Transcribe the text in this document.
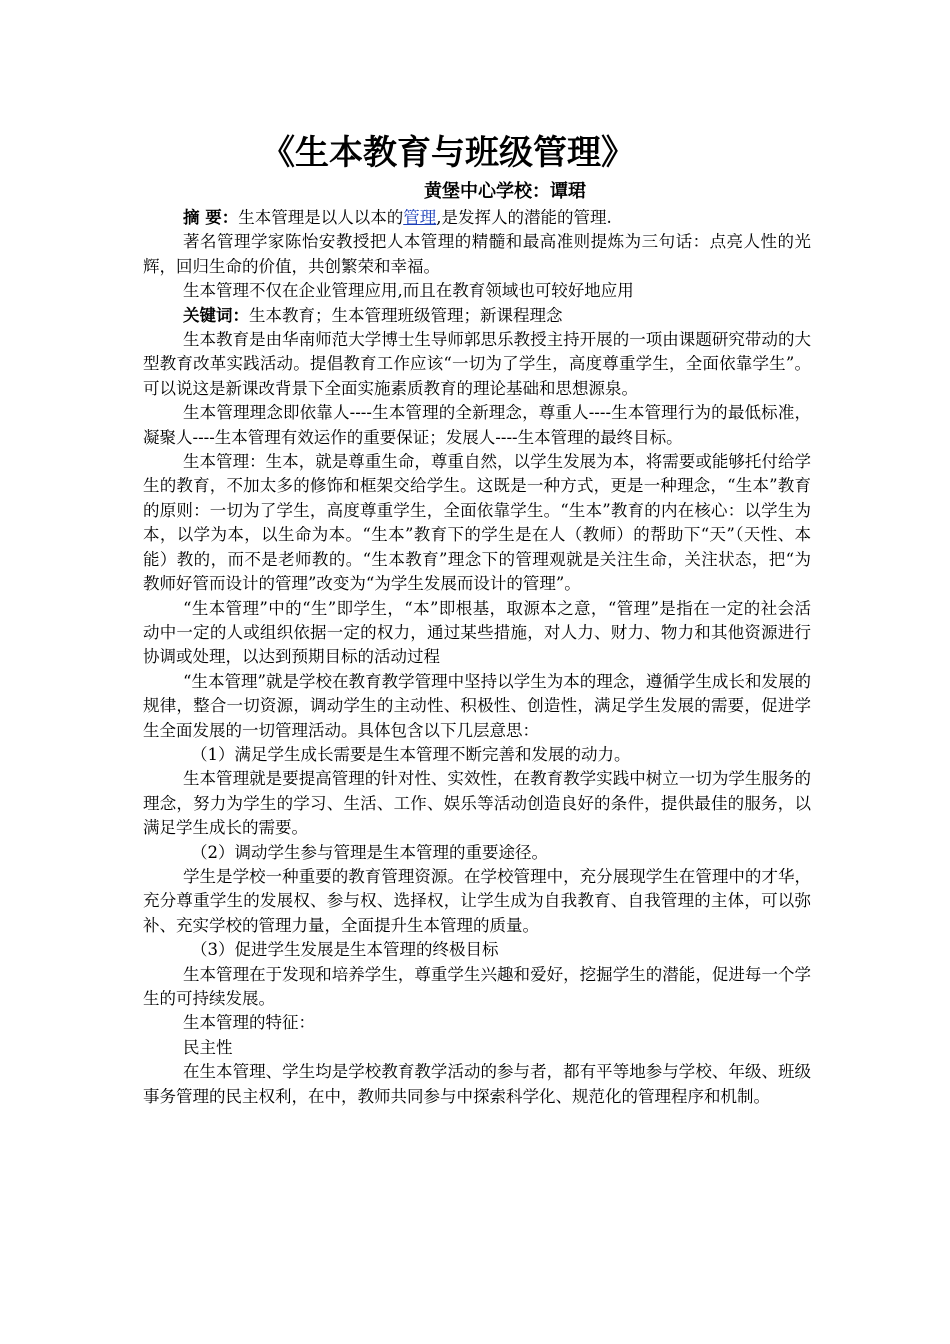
《生本教育与班级管理》
黄堡中心学校：谭珺

摘 要：生本管理是以人以本的管理,是发挥人的潜能的管理.

著名管理学家陈怡安教授把人本管理的精髓和最高准则提炼为三句话：点亮人性的光辉，回归生命的价值，共创繁荣和幸福。

生本管理不仅在企业管理应用,而且在教育领域也可较好地应用

关键词：生本教育；生本管理班级管理；新课程理念

生本教育是由华南师范大学博士生导师郭思乐教授主持开展的一项由课题研究带动的大型教育改革实践活动。提倡教育工作应该“一切为了学生，高度尊重学生，全面依靠学生”。可以说这是新课改背景下全面实施素质教育的理论基础和思想源泉。

生本管理理念即依靠人----生本管理的全新理念，尊重人----生本管理行为的最低标准，凝聚人----生本管理有效运作的重要保证；发展人----生本管理的最终目标。

生本管理：生本，就是尊重生命，尊重自然，以学生发展为本，将需要或能够托付给学生的教育，不加太多的修饰和框架交给学生。这既是一种方式，更是一种理念，“生本”教育的原则：一切为了学生，高度尊重学生，全面依靠学生。“生本”教育的内在核心：以学生为本，以学为本，以生命为本。“生本”教育下的学生是在人（教师）的帮助下“天”（天性、本能）教的，而不是老师教的。“生本教育”理念下的管理观就是关注生命，关注状态，把“为教师好管而设计的管理”改变为“为学生发展而设计的管理”。

“生本管理”中的“生”即学生，“本”即根基，取源本之意，“管理”是指在一定的社会活动中一定的人或组织依据一定的权力，通过某些措施，对人力、财力、物力和其他资源进行协调或处理，以达到预期目标的活动过程

“生本管理”就是学校在教育教学管理中坚持以学生为本的理念，遵循学生成长和发展的规律，整合一切资源，调动学生的主动性、积极性、创造性，满足学生发展的需要，促进学生全面发展的一切管理活动。具体包含以下几层意思：

（1）满足学生成长需要是生本管理不断完善和发展的动力。

生本管理就是要提高管理的针对性、实效性，在教育教学实践中树立一切为学生服务的理念，努力为学生的学习、生活、工作、娱乐等活动创造良好的条件，提供最佳的服务，以满足学生成长的需要。

（2）调动学生参与管理是生本管理的重要途径。

学生是学校一种重要的教育管理资源。在学校管理中，充分展现学生在管理中的才华，充分尊重学生的发展权、参与权、选择权，让学生成为自我教育、自我管理的主体，可以弥补、充实学校的管理力量，全面提升生本管理的质量。

（3）促进学生发展是生本管理的终极目标

生本管理在于发现和培养学生，尊重学生兴趣和爱好，挖掘学生的潜能，促进每一个学生的可持续发展。

生本管理的特征：

民主性

在生本管理、学生均是学校教育教学活动的参与者，都有平等地参与学校、年级、班级事务管理的民主权利，在中，教师共同参与中探索科学化、规范化的管理程序和机制。
